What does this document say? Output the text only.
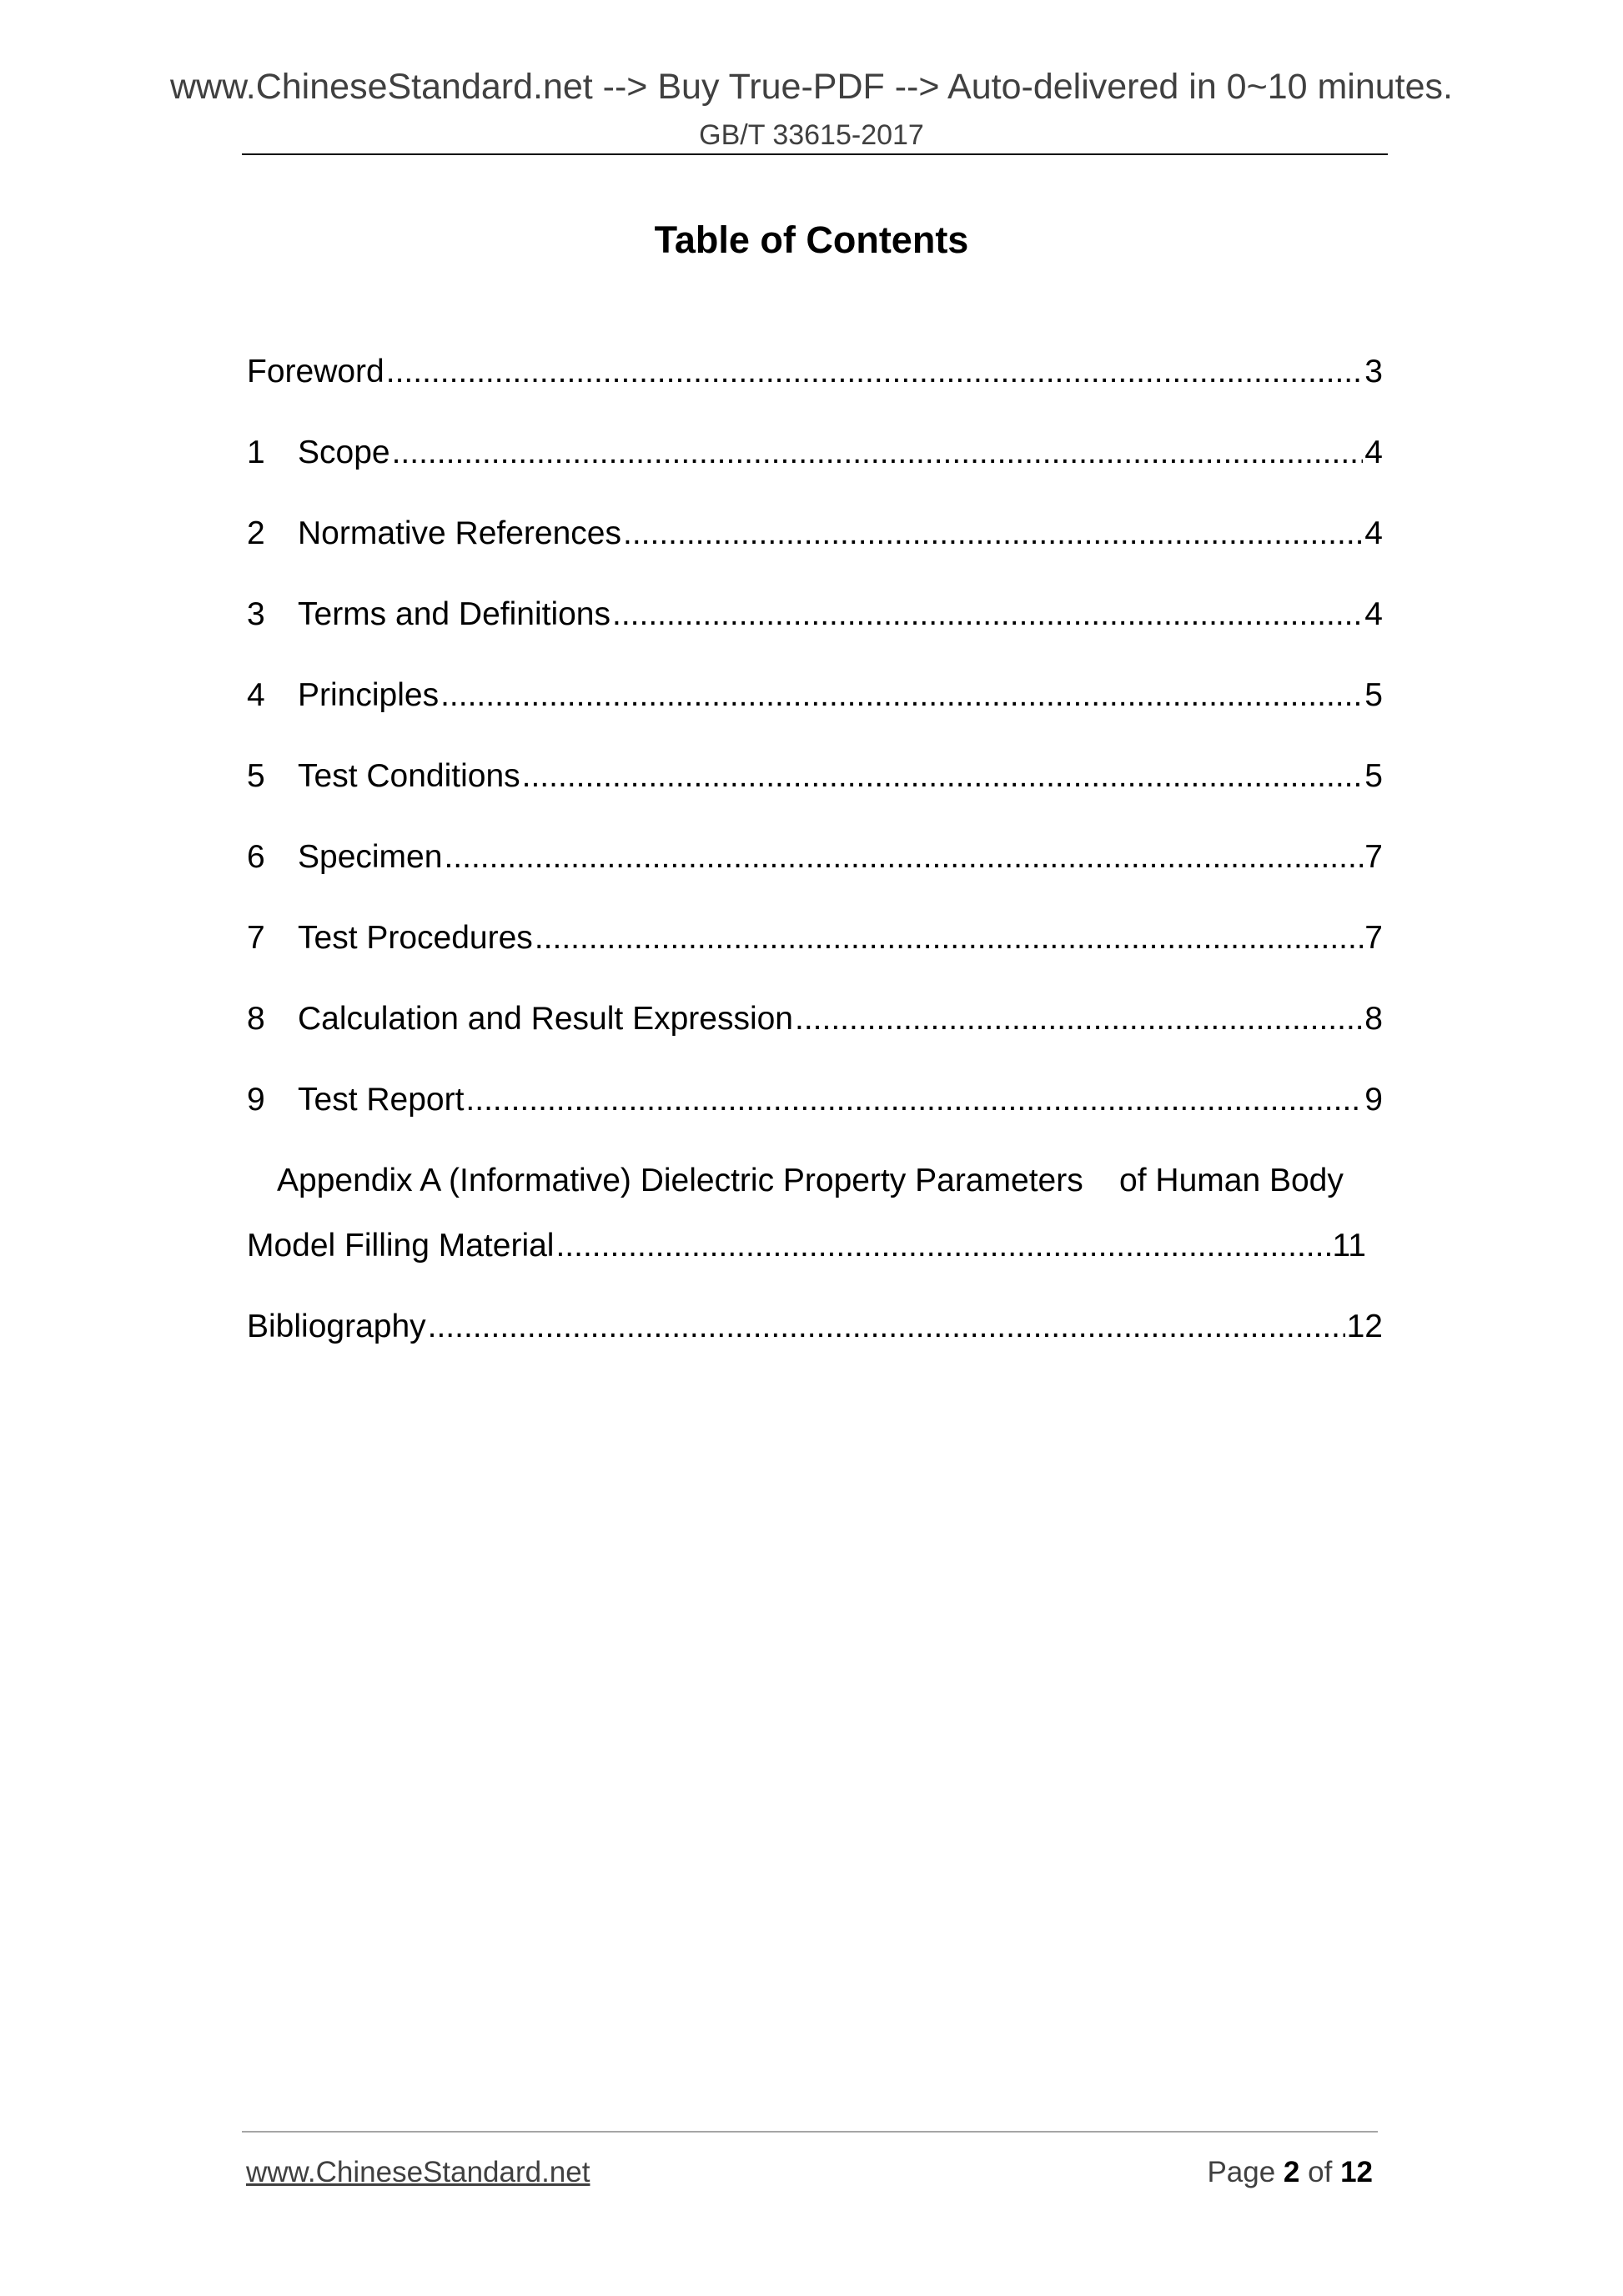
www.ChineseStandard.net --> Buy True-PDF --> Auto-delivered in 0~10 minutes.
GB/T 33615-2017
Table of Contents
Foreword .....	3
1	Scope .....	4
2	Normative References .....	4
3	Terms and Definitions .....	4
4	Principles .....	5
5	Test Conditions .....	5
6	Specimen .....	7
7	Test Procedures .....	7
8	Calculation and Result Expression .....	8
9	Test Report .....	9
Appendix A (Informative) Dielectric Property Parameters    of Human Body
Model Filling Material .....	11
Bibliography .....	12
www.ChineseStandard.net	Page 2 of 12
